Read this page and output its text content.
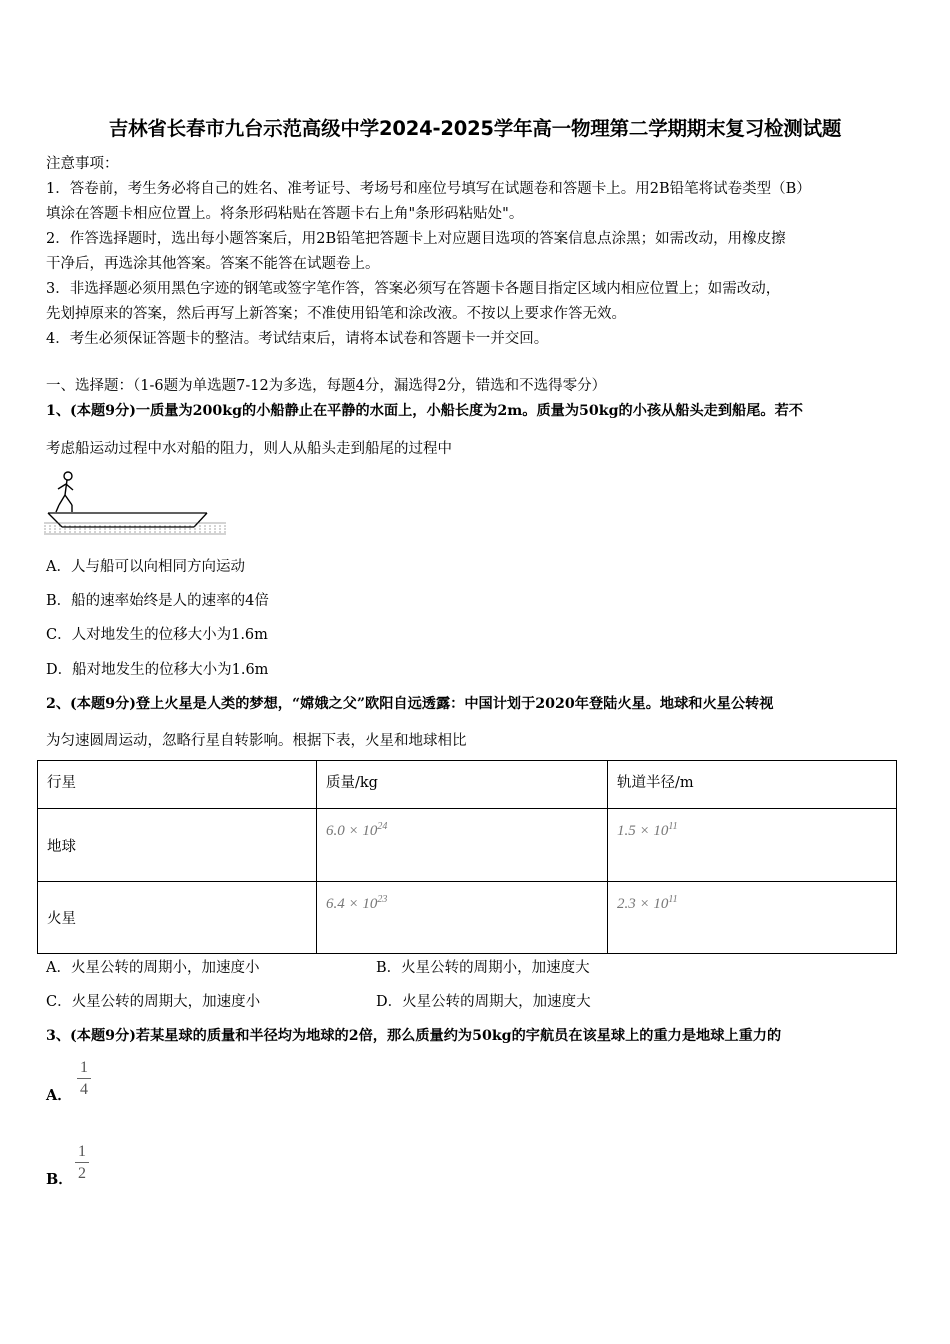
吉林省长春市九台示范高级中学2024-2025学年高一物理第二学期期末复习检测试题
注意事项：
1．答卷前，考生务必将自己的姓名、准考证号、考场号和座位号填写在试题卷和答题卡上。用2B铅笔将试卷类型（B）
填涂在答题卡相应位置上。将条形码粘贴在答题卡右上角"条形码粘贴处"。
2．作答选择题时，选出每小题答案后，用2B铅笔把答题卡上对应题目选项的答案信息点涂黑；如需改动，用橡皮擦
干净后，再选涂其他答案。答案不能答在试题卷上。
3．非选择题必须用黑色字迹的钢笔或签字笔作答，答案必须写在答题卡各题目指定区域内相应位置上；如需改动，
先划掉原来的答案，然后再写上新答案；不准使用铅笔和涂改液。不按以上要求作答无效。
4．考生必须保证答题卡的整洁。考试结束后，请将本试卷和答题卡一并交回。
一、选择题：（1-6题为单选题7-12为多选，每题4分，漏选得2分，错选和不选得零分）
1、(本题9分)一质量为200kg的小船静止在平静的水面上，小船长度为2m。质量为50kg的小孩从船头走到船尾。若不
考虑船运动过程中水对船的阻力，则人从船头走到船尾的过程中
A．人与船可以向相同方向运动
B．船的速率始终是人的速率的4倍
C．人对地发生的位移大小为1.6m
D．船对地发生的位移大小为1.6m
2、(本题9分)登上火星是人类的梦想，“嫦娥之父”欧阳自远透露：中国计划于2020年登陆火星。地球和火星公转视
为匀速圆周运动，忽略行星自转影响。根据下表，火星和地球相比
行星	质量/kg	轨道半径/m
地球	$6.0 \times 10^{24}$	$1.5 \times 10^{11}$
火星	$6.4 \times 10^{23}$	$2.3 \times 10^{11}$
A．火星公转的周期小，加速度小	B．火星公转的周期小，加速度大
C．火星公转的周期大，加速度小	D．火星公转的周期大，加速度大
3、(本题9分)若某星球的质量和半径均为地球的2倍，那么质量约为50kg的宇航员在该星球上的重力是地球上重力的
A． $\frac{1}{4}$
B． $\frac{1}{2}$
